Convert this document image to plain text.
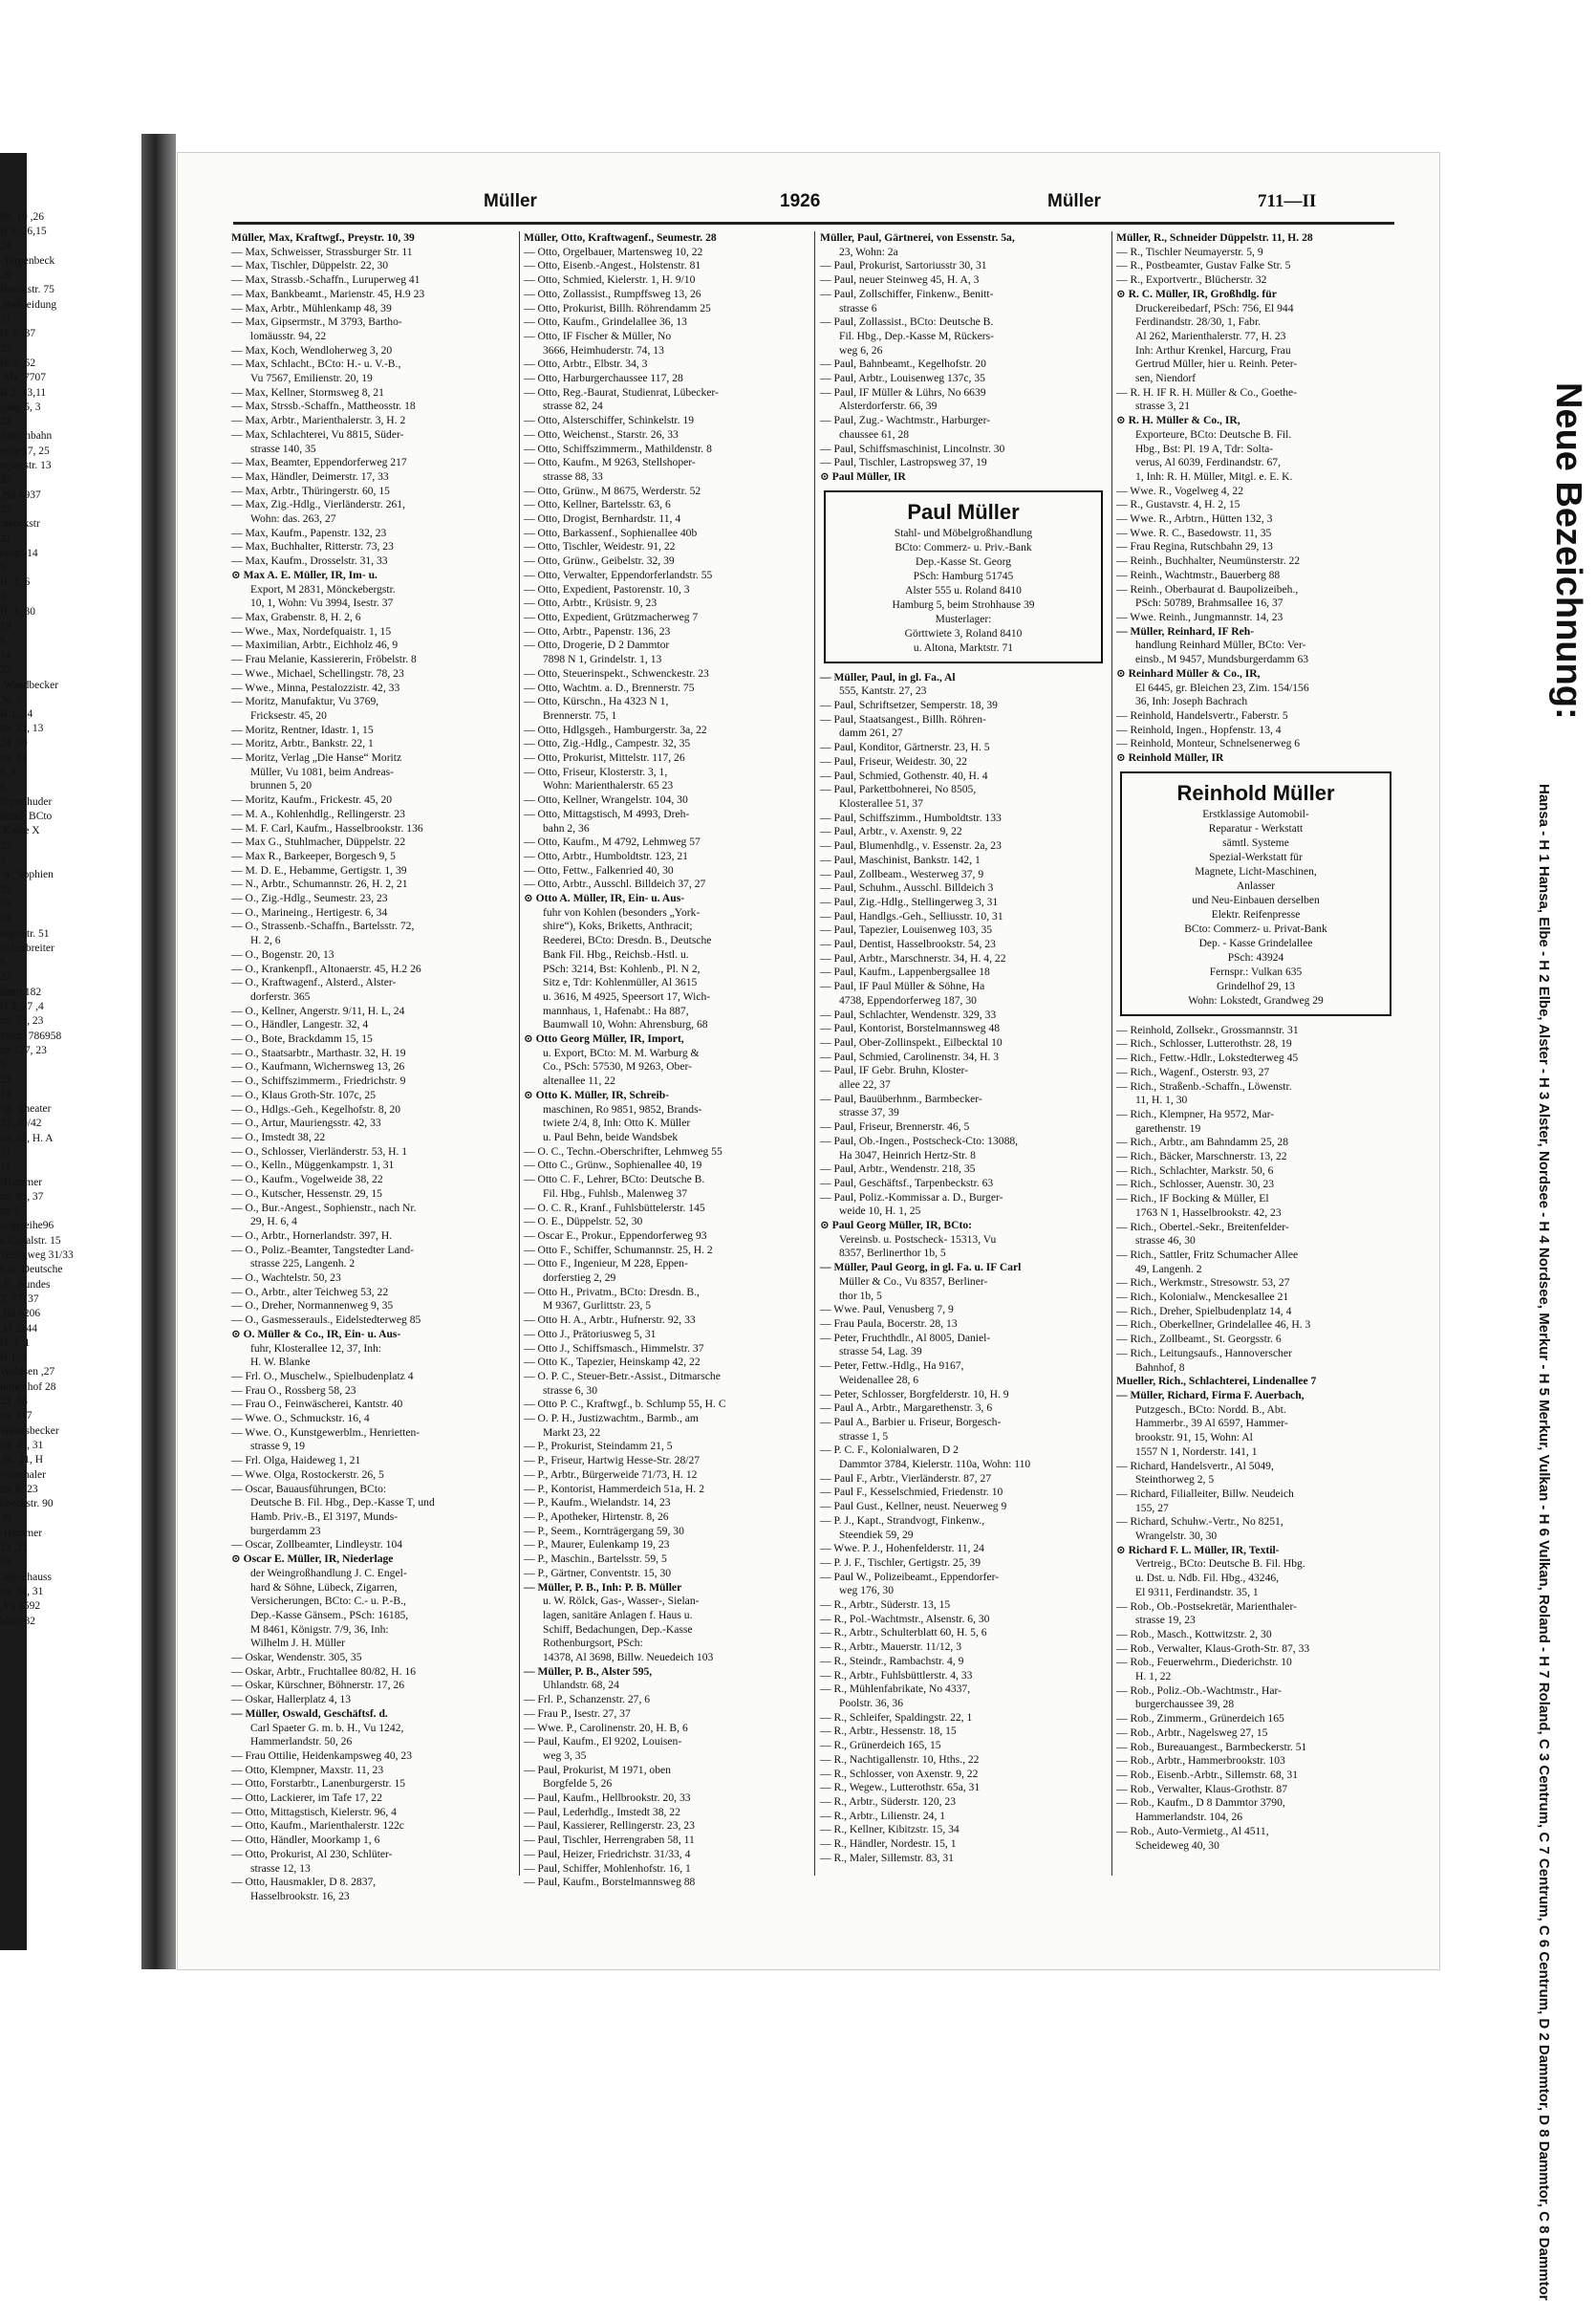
26, Nr. 10
15,H.6, 26
24
Tarpenbeck-
20
Hansastr. 75
ebekleidung,
31
37, H. 5
23
52, H. 2
7707, Ma-
11,H.2, 13
gang 5, 3
23
Rutschbahn
reihe17, 25
reyagstr. 13
35
No 6937,
23
nebekstr.
22
ellstr. 14
5
H. 2, 6
1
H. 1, 30
19
9
14
33
Wandbecker-
3a, 2
34, H.1
str. 13, 13
39, 24
str. 14
1, 8
8
Papenhuder
traml, BCto
Kasse X,
23
2
h., Sophien-
35
39
39
ergerstr. 51
ickerbreiter-
9
23
amm 182
4, H.3, 27
str. 53, 23
PSch: 786958
str 127, 23
5
23
14
gr. Theater-
40/42, 25
str. 81, H. A
31
17
Hammer-
str. 85, 37
str 5
angereihe96
n.Canalstr. 15
Teellgweg 31/33
Clo: Deutsche
F., Bundes-
T. 77, 37
Ha 6206,
M 2144,
H. 1, 1
H.1, 2
27, Woldsen
mmenhof 28
16, 23
str. 117
Wandsbecker
str. 45, 31
str. 21, H.
rienthaler-
str. 8, 23
nbeckstr. 90
39
Hammer-
32, 13
39
telerchauss.
str. 34, 31
Vu 6592,
ldstr. 32
Müller	1926	Müller	711—II
Müller, Max, Kraftwgf., Preystr. 10, 39
— Max, Schweisser, Strassburger Str. 11
— Max, Tischler, Düppelstr. 22, 30
— Max, Strassb.-Schaffn., Luruperweg 41
— Max, Bankbeamt., Marienstr. 45, H.9 23
— Max, Arbtr., Mühlenkamp 48, 39
— Max, Gipsermstr., M 3793, Bartho-
lomäusstr. 94, 22
— Max, Koch, Wendloherweg 3, 20
— Max, Schlacht., BCto: H.- u. V.-B.,
Vu 7567, Emilienstr. 20, 19
— Max, Kellner, Stormsweg 8, 21
— Max, Strssb.-Schaffn., Mattheosstr. 18
— Max, Arbtr., Marienthalerstr. 3, H. 2
— Max, Schlachterei, Vu 8815, Süder-
strasse 140, 35
— Max, Beamter, Eppendorferweg 217
— Max, Händler, Deimerstr. 17, 33
— Max, Arbtr., Thüringerstr. 60, 15
— Max, Zig.-Hdlg., Vierländerstr. 261,
Wohn: das. 263, 27
— Max, Kaufm., Papenstr. 132, 23
— Max, Buchhalter, Ritterstr. 73, 23
— Max, Kaufm., Drosselstr. 31, 33
⊙ Max A. E. Müller, IR, Im- u.
Export, M 2831, Mönckebergstr.
10, 1, Wohn: Vu 3994, Isestr. 37
— Max, Grabenstr. 8, H. 2, 6
— Wwe., Max, Nordefquaistr. 1, 15
— Maximilian, Arbtr., Eichholz 46, 9
— Frau Melanie, Kassiererin, Fröbelstr. 8
— Wwe., Michael, Schellingstr. 78, 23
— Wwe., Minna, Pestalozzistr. 42, 33
— Moritz, Manufaktur, Vu 3769,
Fricksestr. 45, 20
— Moritz, Rentner, Idastr. 1, 15
— Moritz, Arbtr., Bankstr. 22, 1
— Moritz, Verlag „Die Hanse“ Moritz
Müller, Vu 1081, beim Andreas-
brunnen 5, 20
— Moritz, Kaufm., Frickestr. 45, 20
— M. A., Kohlenhdlg., Rellingerstr. 23
— M. F. Carl, Kaufm., Hasselbrookstr. 136
— Max G., Stuhlmacher, Düppelstr. 22
— Max R., Barkeeper, Borgesch 9, 5
— M. D. E., Hebamme, Gertigstr. 1, 39
— N., Arbtr., Schumannstr. 26, H. 2, 21
— O., Zig.-Hdlg., Seumestr. 23, 23
— O., Marineing., Hertigestr. 6, 34
— O., Strassenb.-Schaffn., Bartelsstr. 72,
H. 2, 6
— O., Bogenstr. 20, 13
— O., Krankenpfl., Altonaerstr. 45, H.2 26
— O., Kraftwagenf., Alsterd., Alster-
dorferstr. 365
— O., Kellner, Angerstr. 9/11, H. L, 24
— O., Händler, Langestr. 32, 4
— O., Bote, Brackdamm 15, 15
— O., Staatsarbtr., Marthastr. 32, H. 19
— O., Kaufmann, Wichernsweg 13, 26
— O., Schiffszimmerm., Friedrichstr. 9
— O., Klaus Groth-Str. 107c, 25
— O., Hdlgs.-Geh., Kegelhofstr. 8, 20
— O., Artur, Mauriengsstr. 42, 33
— O., Imstedt 38, 22
— O., Schlosser, Vierländerstr. 53, H. 1
— O., Kelln., Müggenkampstr. 1, 31
— O., Kaufm., Vogelweide 38, 22
— O., Kutscher, Hessenstr. 29, 15
— O., Bur.-Angest., Sophienstr., nach Nr.
29, H. 6, 4
— O., Arbtr., Hornerlandstr. 397, H.
— O., Poliz.-Beamter, Tangstedter Land-
strasse 225, Langenh. 2
— O., Wachtelstr. 50, 23
— O., Arbtr., alter Teichweg 53, 22
— O., Dreher, Normannenweg 9, 35
— O., Gasmesserauls., Eidelstedterweg 85
⊙ O. Müller & Co., IR, Ein- u. Aus-
fuhr, Klosterallee 12, 37, Inh:
H. W. Blanke
— Frl. O., Muschelw., Spielbudenplatz 4
— Frau O., Rossberg 58, 23
— Frau O., Feinwäscherei, Kantstr. 40
— Wwe. O., Schmuckstr. 16, 4
— Wwe. O., Kunstgewerblm., Henrietten-
strasse 9, 19
— Frl. Olga, Haideweg 1, 21
— Wwe. Olga, Rostockerstr. 26, 5
— Oscar, Bauausführungen, BCto:
Deutsche B. Fil. Hbg., Dep.-Kasse T, und
Hamb. Priv.-B., El 3197, Munds-
burgerdamm 23
— Oscar, Zollbeamter, Lindleystr. 104
⊙ Oscar E. Müller, IR, Niederlage
der Weingroßhandlung J. C. Engel-
hard & Söhne, Lübeck, Zigarren,
Versicherungen, BCto: C.- u. P.-B.,
Dep.-Kasse Gänsem., PSch: 16185,
M 8461, Königstr. 7/9, 36, Inh:
Wilhelm J. H. Müller
— Oskar, Wendenstr. 305, 35
— Oskar, Arbtr., Fruchtallee 80/82, H. 16
— Oskar, Kürschner, Böhnerstr. 17, 26
— Oskar, Hallerplatz 4, 13
— Müller, Oswald, Geschäftsf. d.
Carl Spaeter G. m. b. H., Vu 1242,
Hammerlandstr. 50, 26
— Frau Ottilie, Heidenkampsweg 40, 23
— Otto, Klempner, Maxstr. 11, 23
— Otto, Forstarbtr., Lanenburgerstr. 15
— Otto, Lackierer, im Tafe 17, 22
— Otto, Mittagstisch, Kielerstr. 96, 4
— Otto, Kaufm., Marienthalerstr. 122c
— Otto, Händler, Moorkamp 1, 6
— Otto, Prokurist, Al 230, Schlüter-
strasse 12, 13
— Otto, Hausmakler, D 8. 2837,
Hasselbrookstr. 16, 23
Müller, Otto, Kraftwagenf., Seumestr. 28
— Otto, Orgelbauer, Martensweg 10, 22
— Otto, Eisenb.-Angest., Holstenstr. 81
— Otto, Schmied, Kielerstr. 1, H. 9/10
— Otto, Zollassist., Rumpffsweg 13, 26
— Otto, Prokurist, Billh. Röhrendamm 25
— Otto, Kaufm., Grindelallee 36, 13
— Otto, IF Fischer & Müller, No
3666, Heimhuderstr. 74, 13
— Otto, Arbtr., Elbstr. 34, 3
— Otto, Harburgerchaussee 117, 28
— Otto, Reg.-Baurat, Studienrat, Lübecker-
strasse 82, 24
— Otto, Alsterschiffer, Schinkelstr. 19
— Otto, Weichenst., Starstr. 26, 33
— Otto, Schiffszimmerm., Mathildenstr. 8
— Otto, Kaufm., M 9263, Stellshoper-
strasse 88, 33
— Otto, Grünw., M 8675, Werderstr. 52
— Otto, Kellner, Bartelsstr. 63, 6
— Otto, Drogist, Bernhardstr. 11, 4
— Otto, Barkassenf., Sophienallee 40b
— Otto, Tischler, Weidestr. 91, 22
— Otto, Grünw., Geibelstr. 32, 39
— Otto, Verwalter, Eppendorferlandstr. 55
— Otto, Expedient, Pastorenstr. 10, 3
— Otto, Arbtr., Krüsistr. 9, 23
— Otto, Expedient, Grützmacherweg 7
— Otto, Arbtr., Papenstr. 136, 23
— Otto, Drogerie, D 2 Dammtor
7898 N 1, Grindelstr. 1, 13
— Otto, Steuerinspekt., Schwenckestr. 23
— Otto, Wachtm. a. D., Brennerstr. 75
— Otto, Kürschn., Ha 4323 N 1,
Brennerstr. 75, 1
— Otto, Hdlgsgeh., Hamburgerstr. 3a, 22
— Otto, Zig.-Hdlg., Campestr. 32, 35
— Otto, Prokurist, Mittelstr. 117, 26
— Otto, Friseur, Klosterstr. 3, 1,
Wohn: Marienthalerstr. 65 23
— Otto, Kellner, Wrangelstr. 104, 30
— Otto, Mittagstisch, M 4993, Dreh-
bahn 2, 36
— Otto, Kaufm., M 4792, Lehmweg 57
— Otto, Arbtr., Humboldtstr. 123, 21
— Otto, Fettw., Falkenried 40, 30
— Otto, Arbtr., Ausschl. Billdeich 37, 27
⊙ Otto A. Müller, IR, Ein- u. Aus-
fuhr von Kohlen (besonders „York-
shire“), Koks, Briketts, Anthracit;
Reederei, BCto: Dresdn. B., Deutsche
Bank Fil. Hbg., Reichsb.-Hstl. u.
PSch: 3214, Bst: Kohlenb., Pl. N 2,
Sitz e, Tdr: Kohlenmüller, Al 3615
u. 3616, M 4925, Speersort 17, Wich-
mannhaus, 1, Hafenabt.: Ha 887,
Baumwall 10, Wohn: Ahrensburg, 68
⊙ Otto Georg Müller, IR, Import,
u. Export, BCto: M. M. Warburg &
Co., PSch: 57530, M 9263, Ober-
altenallee 11, 22
⊙ Otto K. Müller, IR, Schreib-
maschinen, Ro 9851, 9852, Brands-
twiete 2/4, 8, Inh: Otto K. Müller
u. Paul Behn, beide Wandsbek
— O. C., Techn.-Oberschrifter, Lehmweg 55
— Otto C., Grünw., Sophienallee 40, 19
— Otto C. F., Lehrer, BCto: Deutsche B.
Fil. Hbg., Fuhlsb., Malenweg 37
— O. C. R., Kranf., Fuhlsbüttelerstr. 145
— O. E., Düppelstr. 52, 30
— Oscar E., Prokur., Eppendorferweg 93
— Otto F., Schiffer, Schumannstr. 25, H. 2
— Otto F., Ingenieur, M 228, Eppen-
dorferstieg 2, 29
— Otto H., Privatm., BCto: Dresdn. B.,
M 9367, Gurlittstr. 23, 5
— Otto H. A., Arbtr., Hufnerstr. 92, 33
— Otto J., Prätoriusweg 5, 31
— Otto J., Schiffsmasch., Himmelstr. 37
— Otto K., Tapezier, Heinskamp 42, 22
— O. P. C., Steuer-Betr.-Assist., Ditmarsche
strasse 6, 30
— Otto P. C., Kraftwgf., b. Schlump 55, H. C
— O. P. H., Justizwachtm., Barmb., am
Markt 23, 22
— P., Prokurist, Steindamm 21, 5
— P., Friseur, Hartwig Hesse-Str. 28/27
— P., Arbtr., Bürgerweide 71/73, H. 12
— P., Kontorist, Hammerdeich 51a, H. 2
— P., Kaufm., Wielandstr. 14, 23
— P., Apotheker, Hirtenstr. 8, 26
— P., Seem., Kornträgergang 59, 30
— P., Maurer, Eulenkamp 19, 23
— P., Maschin., Bartelsstr. 59, 5
— P., Gärtner, Conventstr. 15, 30
— Müller, P. B., Inh: P. B. Müller
u. W. Rölck, Gas-, Wasser-, Sielan-
lagen, sanitäre Anlagen f. Haus u.
Schiff, Bedachungen, Dep.-Kasse
Rothenburgsort, PSch:
14378, Al 3698, Billw. Neuedeich 103
— Müller, P. B., Alster 595,
Uhlandstr. 68, 24
— Frl. P., Schanzenstr. 27, 6
— Frau P., Isestr. 27, 37
— Wwe. P., Carolinenstr. 20, H. B, 6
— Paul, Kaufm., El 9202, Louisen-
weg 3, 35
— Paul, Prokurist, M 1971, oben
Borgfelde 5, 26
— Paul, Kaufm., Hellbrookstr. 20, 33
— Paul, Lederhdlg., Imstedt 38, 22
— Paul, Kassierer, Rellingerstr. 23, 23
— Paul, Tischler, Herrengraben 58, 11
— Paul, Heizer, Friedrichstr. 31/33, 4
— Paul, Schiffer, Mohlenhofstr. 16, 1
— Paul, Kaufm., Borstelmannsweg 88
Müller, Paul, Gärtnerei, von Essenstr. 5a,
23, Wohn: 2a
— Paul, Prokurist, Sartoriusstr 30, 31
— Paul, neuer Steinweg 45, H. A, 3
— Paul, Zollschiffer, Finkenw., Benitt-
strasse 6
— Paul, Zollassist., BCto: Deutsche B.
Fil. Hbg., Dep.-Kasse M, Rückers-
weg 6, 26
— Paul, Bahnbeamt., Kegelhofstr. 20
— Paul, Arbtr., Louisenweg 137c, 35
— Paul, IF Müller & Lührs, No 6639
Alsterdorferstr. 66, 39
— Paul, Zug.- Wachtmstr., Harburger-
chaussee 61, 28
— Paul, Schiffsmaschinist, Lincolnstr. 30
— Paul, Tischler, Lastropsweg 37, 19
⊙ Paul Müller, IR
Paul Müller
Stahl- und Möbelgroßhandlung
BCto: Commerz- u. Priv.-Bank
Dep.-Kasse St. Georg
PSch: Hamburg 51745
Alster 555 u. Roland 8410
Hamburg 5, beim Strohhause 39
Musterlager:
Görttwiete 3, Roland 8410
u. Altona, Marktstr. 71
— Müller, Paul, in gl. Fa., Al
555, Kantstr. 27, 23
— Paul, Schriftsetzer, Semperstr. 18, 39
— Paul, Staatsangest., Billh. Röhren-
damm 261, 27
— Paul, Konditor, Gärtnerstr. 23, H. 5
— Paul, Friseur, Weidestr. 30, 22
— Paul, Schmied, Gothenstr. 40, H. 4
— Paul, Parkettbohnerei, No 8505,
Klosterallee 51, 37
— Paul, Schiffszimm., Humboldtstr. 133
— Paul, Arbtr., v. Axenstr. 9, 22
— Paul, Blumenhdlg., v. Essenstr. 2a, 23
— Paul, Maschinist, Bankstr. 142, 1
— Paul, Zollbeam., Westerweg 37, 9
— Paul, Schuhm., Ausschl. Billdeich 3
— Paul, Zig.-Hdlg., Stellingerweg 3, 31
— Paul, Handlgs.-Geh., Selliusstr. 10, 31
— Paul, Tapezier, Louisenweg 103, 35
— Paul, Dentist, Hasselbrookstr. 54, 23
— Paul, Arbtr., Marschnerstr. 34, H. 4, 22
— Paul, Kaufm., Lappenbergsallee 18
— Paul, IF Paul Müller & Söhne, Ha
4738, Eppendorferweg 187, 30
— Paul, Schlachter, Wendenstr. 329, 33
— Paul, Kontorist, Borstelmannsweg 48
— Paul, Ober-Zollinspekt., Eilbecktal 10
— Paul, Schmied, Carolinenstr. 34, H. 3
— Paul, IF Gebr. Bruhn, Kloster-
allee 22, 37
— Paul, Bauüberhnm., Barmbecker-
strasse 37, 39
— Paul, Friseur, Brennerstr. 46, 5
— Paul, Ob.-Ingen., Postscheck-Cto: 13088,
Ha 3047, Heinrich Hertz-Str. 8
— Paul, Arbtr., Wendenstr. 218, 35
— Paul, Geschäftsf., Tarpenbeckstr. 63
— Paul, Poliz.-Kommissar a. D., Burger-
weide 10, H. 1, 25
⊙ Paul Georg Müller, IR, BCto:
Vereinsb. u. Postscheck- 15313, Vu
8357, Berlinerthor 1b, 5
— Müller, Paul Georg, in gl. Fa. u. IF Carl
Müller & Co., Vu 8357, Berliner-
thor 1b, 5
— Wwe. Paul, Venusberg 7, 9
— Frau Paula, Bocerstr. 28, 13
— Peter, Fruchthdlr., Al 8005, Daniel-
strasse 54, Lag. 39
— Peter, Fettw.-Hdlg., Ha 9167,
Weidenallee 28, 6
— Peter, Schlosser, Borgfelderstr. 10, H. 9
— Paul A., Arbtr., Margarethenstr. 3, 6
— Paul A., Barbier u. Friseur, Borgesch-
strasse 1, 5
— P. C. F., Kolonialwaren, D 2
Dammtor 3784, Kielerstr. 110a, Wohn: 110
— Paul F., Arbtr., Vierländerstr. 87, 27
— Paul F., Kesselschmied, Friedenstr. 10
— Paul Gust., Kellner, neust. Neuerweg 9
— P. J., Kapt., Strandvogt, Finkenw.,
Steendiek 59, 29
— Wwe. P. J., Hohenfelderstr. 11, 24
— P. J. F., Tischler, Gertigstr. 25, 39
— Paul W., Polizeibeamt., Eppendorfer-
weg 176, 30
— R., Arbtr., Süderstr. 13, 15
— R., Pol.-Wachtmstr., Alsenstr. 6, 30
— R., Arbtr., Schulterblatt 60, H. 5, 6
— R., Arbtr., Mauerstr. 11/12, 3
— R., Steindr., Rambachstr. 4, 9
— R., Arbtr., Fuhlsbüttlerstr. 4, 33
— R., Mühlenfabrikate, No 4337,
Poolstr. 36, 36
— R., Schleifer, Spaldingstr. 22, 1
— R., Arbtr., Hessenstr. 18, 15
— R., Grünerdeich 165, 15
— R., Nachtigallenstr. 10, Hths., 22
— R., Schlosser, von Axenstr. 9, 22
— R., Wegew., Lutterothstr. 65a, 31
— R., Arbtr., Süderstr. 120, 23
— R., Arbtr., Lilienstr. 24, 1
— R., Kellner, Kibitzstr. 15, 34
— R., Händler, Nordestr. 15, 1
— R., Maler, Sillemstr. 83, 31
Müller, R., Schneider Düppelstr. 11, H. 28
— R., Tischler Neumayerstr. 5, 9
— R., Postbeamter, Gustav Falke Str. 5
— R., Exportvertr., Blücherstr. 32
⊙ R. C. Müller, IR, Großhdlg. für
Druckereibedarf, PSch: 756, El 944
Ferdinandstr. 28/30, 1, Fabr.
Al 262, Marienthalerstr. 77, H. 23
Inh: Arthur Krenkel, Harcurg, Frau
Gertrud Müller, hier u. Reinh. Peter-
sen, Niendorf
— R. H. IF R. H. Müller & Co., Goethe-
strasse 3, 21
⊙ R. H. Müller & Co., IR,
Exporteure, BCto: Deutsche B. Fil.
Hbg., Bst: Pl. 19 A, Tdr: Solta-
verus, Al 6039, Ferdinandstr. 67,
1, Inh: R. H. Müller, Mitgl. e. E. K.
— Wwe. R., Vogelweg 4, 22
— R., Gustavstr. 4, H. 2, 15
— Wwe. R., Arbtrn., Hütten 132, 3
— Wwe. R. C., Basedowstr. 11, 35
— Frau Regina, Rutschbahn 29, 13
— Reinh., Buchhalter, Neumünsterstr. 22
— Reinh., Wachtmstr., Bauerberg 88
— Reinh., Oberbaurat d. Baupolizeibeh.,
PSch: 50789, Brahmsallee 16, 37
— Wwe. Reinh., Jungmannstr. 14, 23
— Müller, Reinhard, IF Reh-
handlung Reinhard Müller, BCto: Ver-
einsb., M 9457, Mundsburgerdamm 63
⊙ Reinhard Müller & Co., IR,
El 6445, gr. Bleichen 23, Zim. 154/156
36, Inh: Joseph Bachrach
— Reinhold, Handelsvertr., Faberstr. 5
— Reinhold, Ingen., Hopfenstr. 13, 4
— Reinhold, Monteur, Schnelsenerweg 6
⊙ Reinhold Müller, IR
Reinhold Müller
Erstklassige Automobil-
Reparatur - Werkstatt
sämtl. Systeme
Spezial-Werkstatt für
Magnete, Licht-Maschinen,
Anlasser
und Neu-Einbauen derselben
Elektr. Reifenpresse
BCto: Commerz- u. Privat-Bank
Dep. - Kasse Grindelallee
PSch: 43924
Fernspr.: Vulkan 635
Grindelhof 29, 13
Wohn: Lokstedt, Grandweg 29
— Reinhold, Zollsekr., Grossmannstr. 31
— Rich., Schlosser, Lutterothstr. 28, 19
— Rich., Fettw.-Hdlr., Lokstedterweg 45
— Rich., Wagenf., Osterstr. 93, 27
— Rich., Straßenb.-Schaffn., Löwenstr.
11, H. 1, 30
— Rich., Klempner, Ha 9572, Mar-
garethenstr. 19
— Rich., Arbtr., am Bahndamm 25, 28
— Rich., Bäcker, Marschnerstr. 13, 22
— Rich., Schlachter, Markstr. 50, 6
— Rich., Schlosser, Auenstr. 30, 23
— Rich., IF Bocking & Müller, El
1763 N 1, Hasselbrookstr. 42, 23
— Rich., Obertel.-Sekr., Breitenfelder-
strasse 46, 30
— Rich., Sattler, Fritz Schumacher Allee
49, Langenh. 2
— Rich., Werkmstr., Stresowstr. 53, 27
— Rich., Kolonialw., Menckesallee 21
— Rich., Dreher, Spielbudenplatz 14, 4
— Rich., Oberkellner, Grindelallee 46, H. 3
— Rich., Zollbeamt., St. Georgsstr. 6
— Rich., Leitungsaufs., Hannoverscher
Bahnhof, 8
Mueller, Rich., Schlachterei, Lindenallee 7
— Müller, Richard, Firma F. Auerbach,
Putzgesch., BCto: Nordd. B., Abt.
Hammerbr., 39 Al 6597, Hammer-
brookstr. 91, 15, Wohn: Al
1557 N 1, Norderstr. 141, 1
— Richard, Handelsvertr., Al 5049,
Steinthorweg 2, 5
— Richard, Filialleiter, Billw. Neudeich
155, 27
— Richard, Schuhw.-Vertr., No 8251,
Wrangelstr. 30, 30
⊙ Richard F. L. Müller, IR, Textil-
Vertreig., BCto: Deutsche B. Fil. Hbg.
u. Dst. u. Ndb. Fil. Hbg., 43246,
El 9311, Ferdinandstr. 35, 1
— Rob., Ob.-Postsekretär, Marienthaler-
strasse 19, 23
— Rob., Masch., Kottwitzstr. 2, 30
— Rob., Verwalter, Klaus-Groth-Str. 87, 33
— Rob., Feuerwehrm., Diederichstr. 10
H. 1, 22
— Rob., Poliz.-Ob.-Wachtmstr., Har-
burgerchaussee 39, 28
— Rob., Zimmerm., Grünerdeich 165
— Rob., Arbtr., Nagelsweg 27, 15
— Rob., Bureauangest., Barmbeckerstr. 51
— Rob., Arbtr., Hammerbrookstr. 103
— Rob., Eisenb.-Arbtr., Sillemstr. 68, 31
— Rob., Verwalter, Klaus-Grothstr. 87
— Rob., Kaufm., D 8 Dammtor 3790,
Hammerlandstr. 104, 26
— Rob., Auto-Vermietg., Al 4511,
Scheideweg 40, 30
Neue Bezeichnung:
Hansa - H 1 Hansa, Elbe - H 2 Elbe, Alster - H 3 Alster, Nordsee - H 4 Nordsee, Merkur - H 5 Merkur, Vulkan - H 6 Vulkan, Roland - H 7 Roland, C 3 Centrum, C 7 Centrum, C 6 Centrum, D 2 Dammtor, D 8 Dammtor, C 8 Dammtor
